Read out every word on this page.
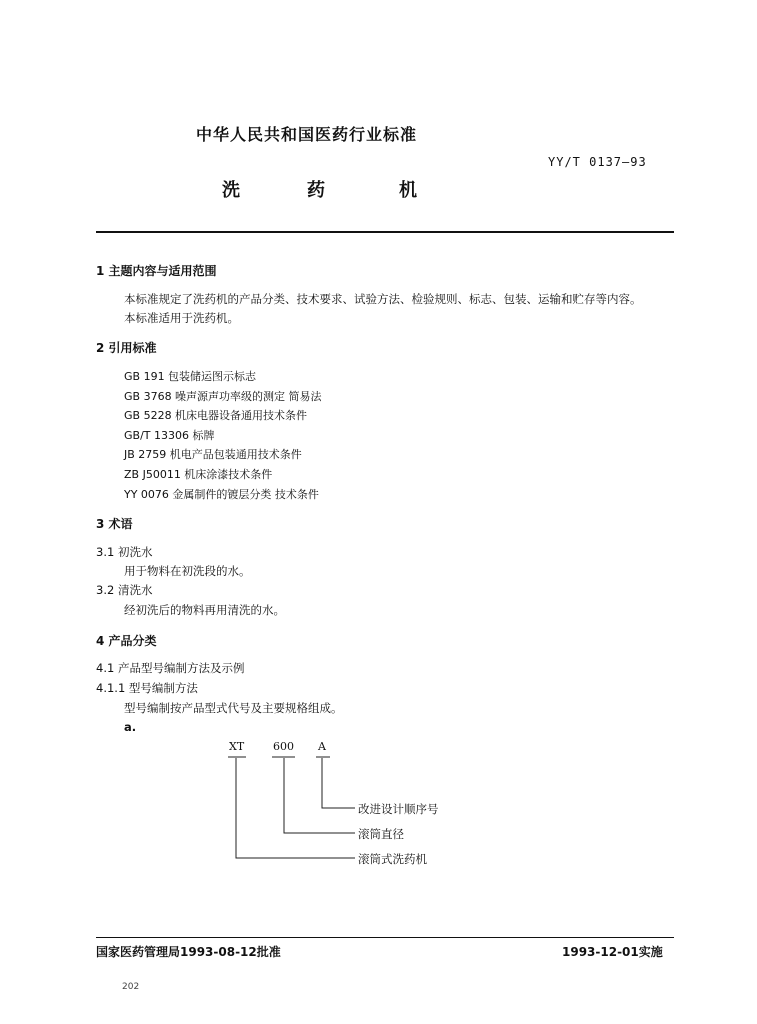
中华人民共和国医药行业标准
YY/T 0137—93
洗	药	机
1 主题内容与适用范围
本标准规定了洗药机的产品分类、技术要求、试验方法、检验规则、标志、包装、运输和贮存等内容。
本标准适用于洗药机。
2 引用标准
GB 191 包装储运图示标志
GB 3768 噪声源声功率级的测定 简易法
GB 5228 机床电器设备通用技术条件
GB/T 13306 标牌
JB 2759 机电产品包装通用技术条件
ZB J50011 机床涂漆技术条件
YY 0076 金属制件的镀层分类 技术条件
3 术语
3.1 初洗水
用于物料在初洗段的水。
3.2 清洗水
经初洗后的物料再用清洗的水。
4 产品分类
4.1 产品型号编制方法及示例
4.1.1 型号编制方法
型号编制按产品型式代号及主要规格组成。
a.
XT	600 A
改进设计顺序号
滚筒直径
滚筒式洗药机
国家医药管理局1993-08-12批准	1993-12-01实施
202
